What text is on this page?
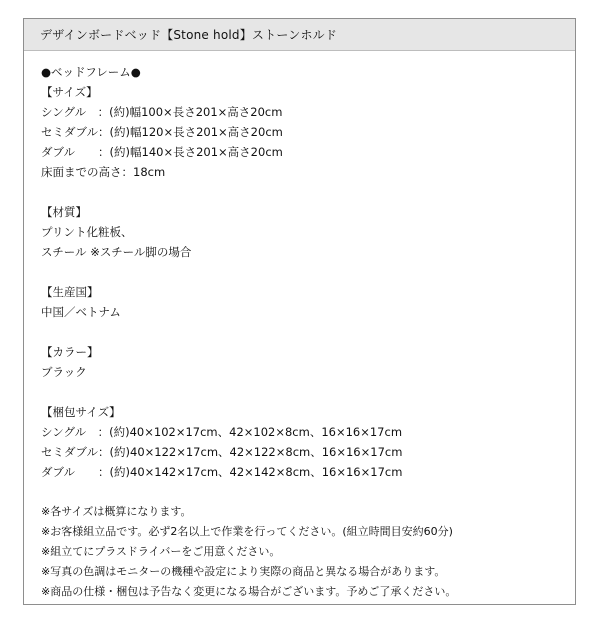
デザインボードベッド【Stone hold】ストーンホルド
●ベッドフレーム●
【サイズ】
シングル　：(約)幅100×長さ201×高さ20cm
セミダブル：(約)幅120×長さ201×高さ20cm
ダブル　　：(約)幅140×長さ201×高さ20cm
床面までの高さ：18cm
【材質】
プリント化粧板、
スチール ※スチール脚の場合
【生産国】
中国／ベトナム
【カラー】
ブラック
【梱包サイズ】
シングル　：(約)40×102×17cm、42×102×8cm、16×16×17cm
セミダブル：(約)40×122×17cm、42×122×8cm、16×16×17cm
ダブル　　：(約)40×142×17cm、42×142×8cm、16×16×17cm
※各サイズは概算になります。
※お客様組立品です。必ず2名以上で作業を行ってください。(組立時間目安約60分)
※組立てにプラスドライバーをご用意ください。
※写真の色調はモニターの機種や設定により実際の商品と異なる場合があります。
※商品の仕様・梱包は予告なく変更になる場合がございます。予めご了承ください。
